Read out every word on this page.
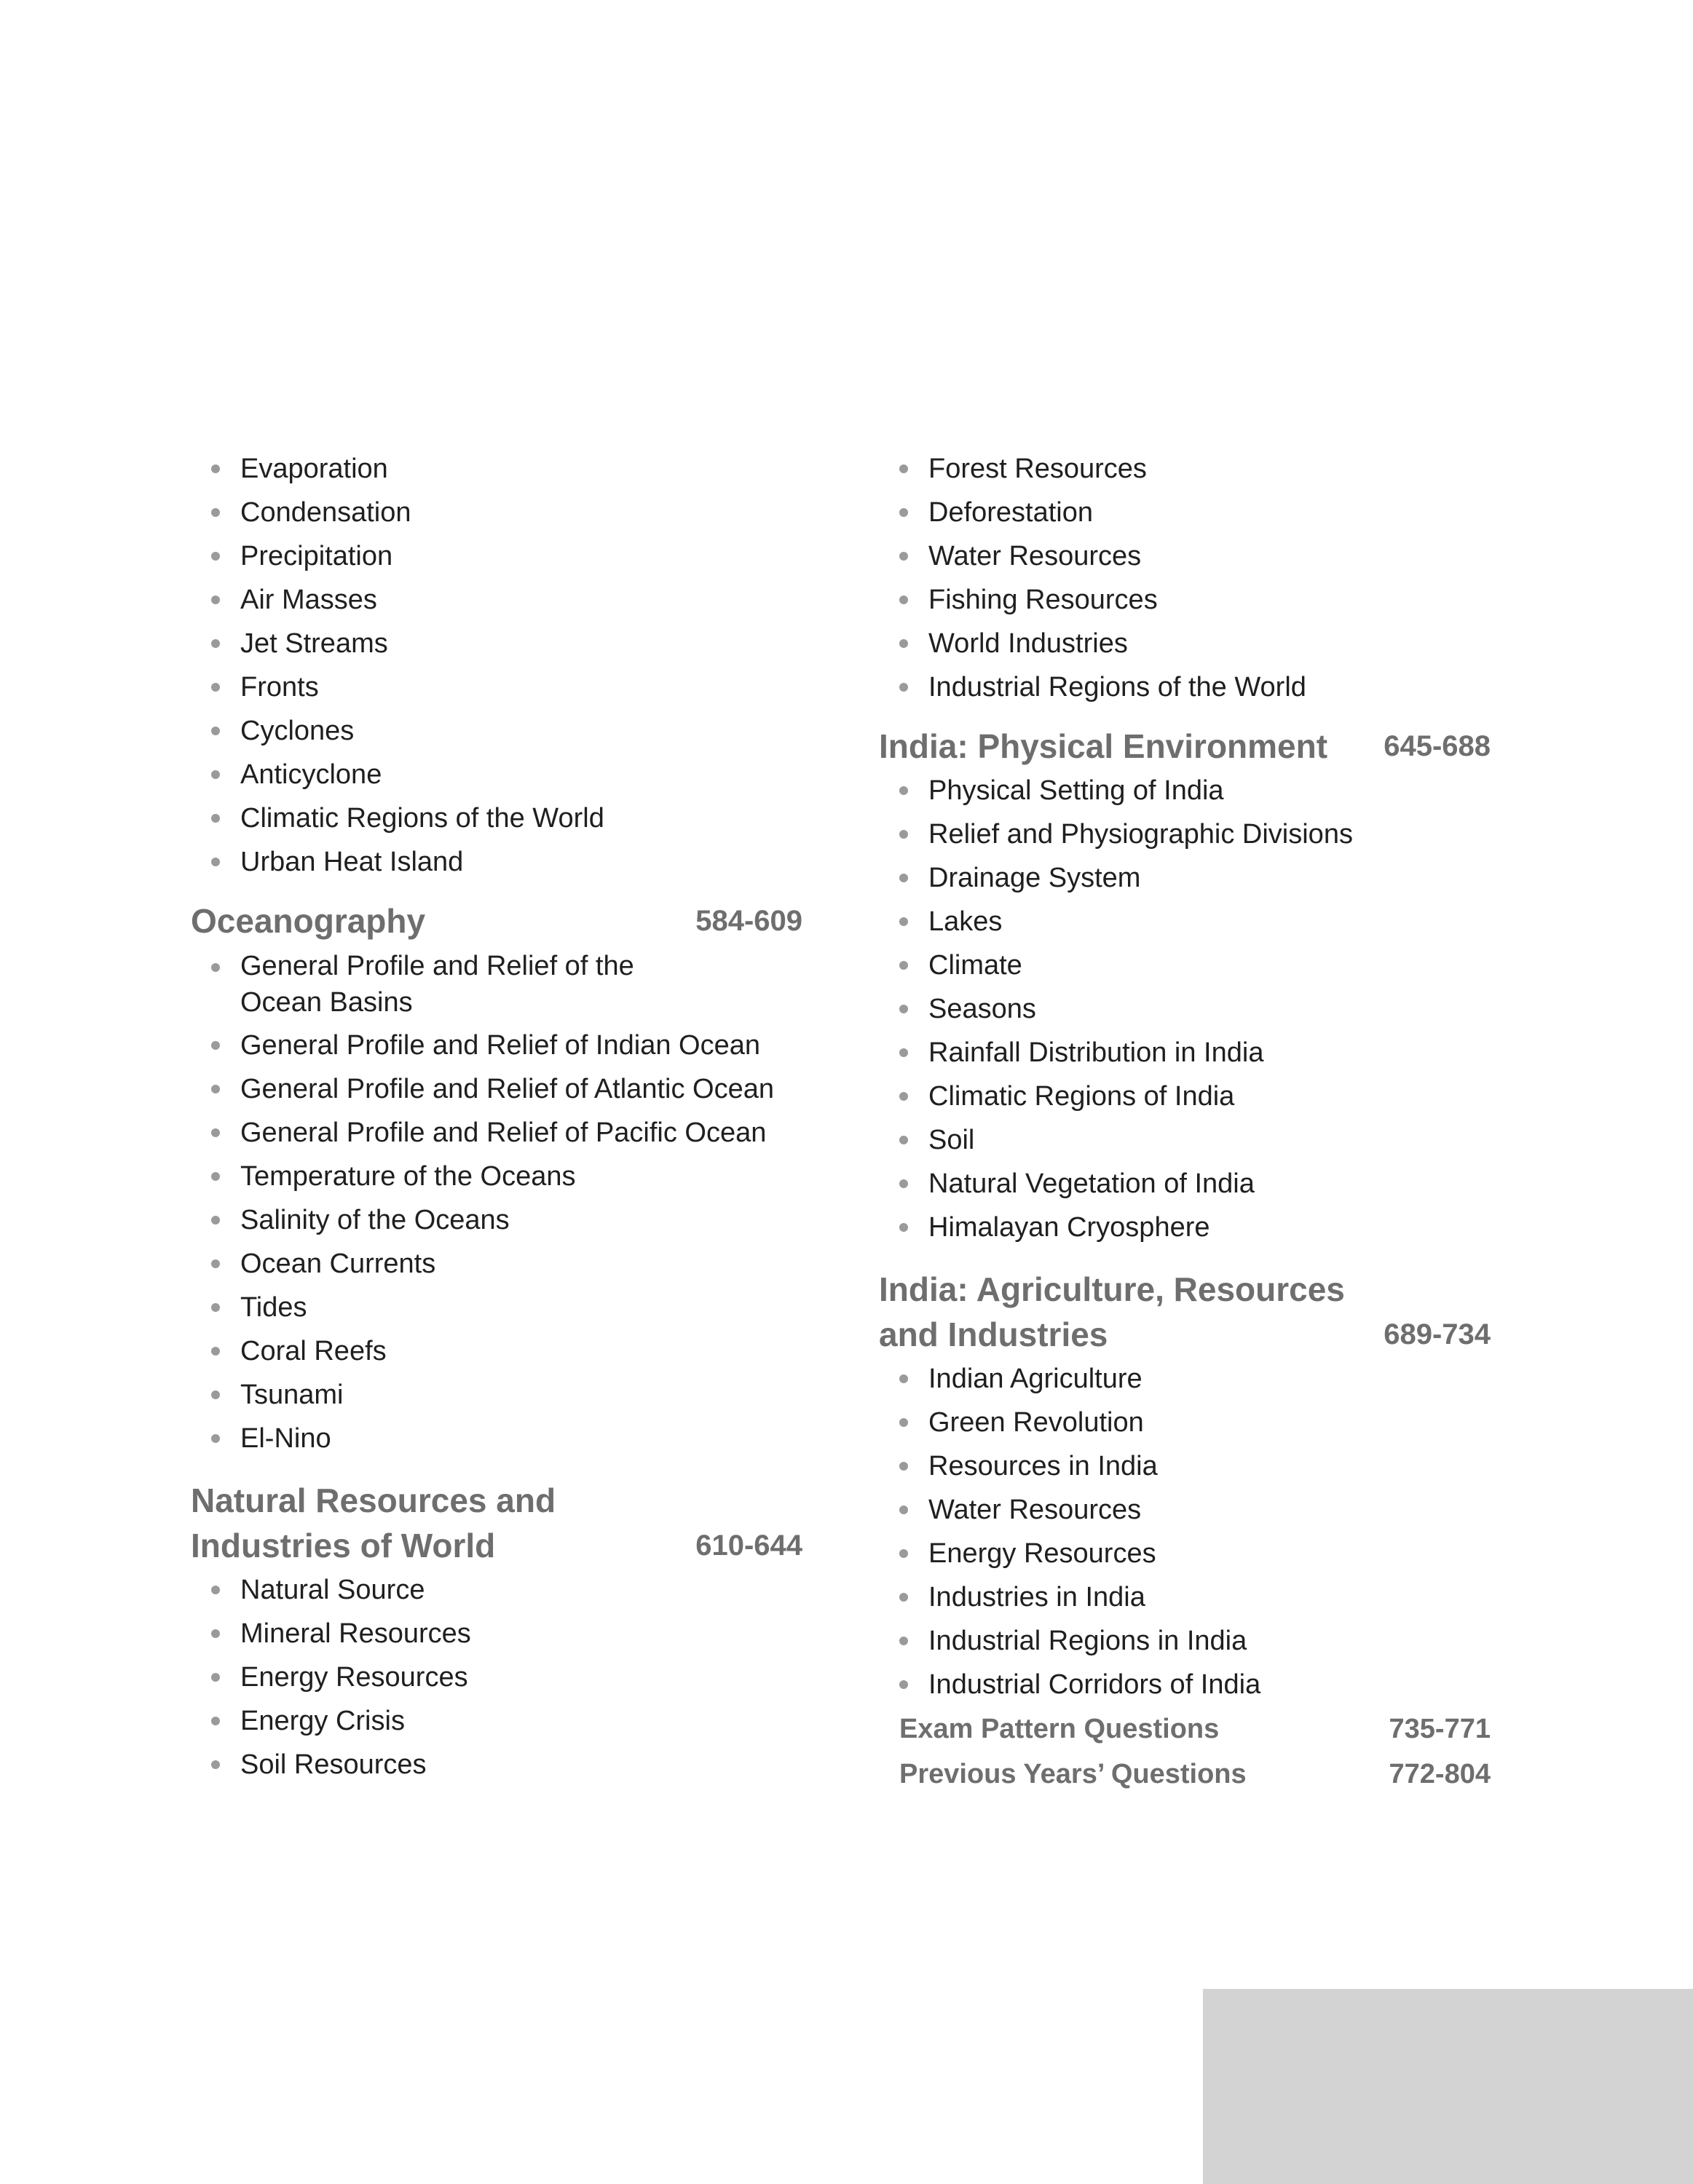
Evaporation
Condensation
Precipitation
Air Masses
Jet Streams
Fronts
Cyclones
Anticyclone
Climatic Regions of the World
Urban Heat Island
Oceanography	584-609
General Profile and Relief of the Ocean Basins
General Profile and Relief of Indian Ocean
General Profile and Relief of Atlantic Ocean
General Profile and Relief of Pacific Ocean
Temperature of the Oceans
Salinity of the Oceans
Ocean Currents
Tides
Coral Reefs
Tsunami
El-Nino
Natural Resources and Industries of World	610-644
Natural Source
Mineral Resources
Energy Resources
Energy Crisis
Soil Resources
Forest Resources
Deforestation
Water Resources
Fishing Resources
World Industries
Industrial Regions of the World
India: Physical Environment 645-688
Physical Setting of India
Relief and Physiographic Divisions
Drainage System
Lakes
Climate
Seasons
Rainfall Distribution in India
Climatic Regions of India
Soil
Natural Vegetation of India
Himalayan Cryosphere
India: Agriculture, Resources and Industries	689-734
Indian Agriculture
Green Revolution
Resources in India
Water Resources
Energy Resources
Industries in India
Industrial Regions in India
Industrial Corridors of India
Exam Pattern Questions	735-771
Previous Years’ Questions	772-804
